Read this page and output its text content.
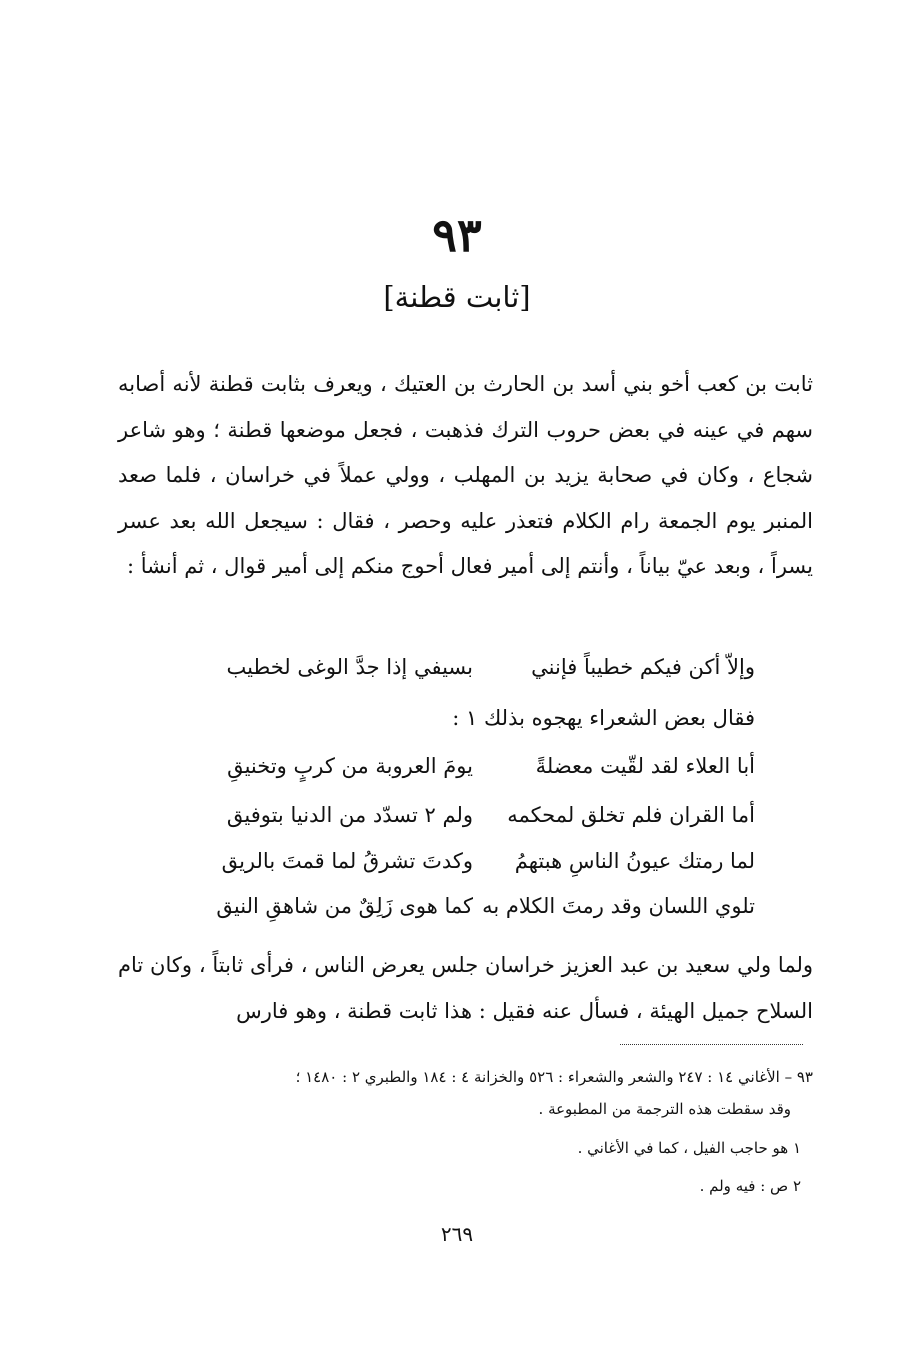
٩٣
[ثابت قطنة]

ثابت بن كعب أخو بني أسد بن الحارث بن العتيك ، ويعرف بثابت قطنة لأنه أصابه سهم في عينه في بعض حروب الترك فذهبت ، فجعل موضعها قطنة ؛ وهو شاعر شجاع ، وكان في صحابة يزيد بن المهلب ، وولي عملاً في خراسان ، فلما صعد المنبر يوم الجمعة رام الكلام فتعذر عليه وحصر ، فقال : سيجعل الله بعد عسر يسراً ، وبعد عيّ بياناً ، وأنتم إلى أمير فعال أحوج منكم إلى أمير قوال ، ثم أنشأ :

وإلاّ أكن فيكم خطيباً فإنني
بسيفي إذا جدَّ الوغى لخطيب

فقال بعض الشعراء يهجوه بذلك ١ :

أبا العلاء لقد لقّيت معضلةً
يومَ العروبة من كربٍ وتخنيقِ
أما القران فلم تخلق لمحكمه
ولم ٢ تسدّد من الدنيا بتوفيق
لما رمتك عيونُ الناسِ هبتهمُ
وكدتَ تشرقُ لما قمتَ بالريق
تلوي اللسان وقد رمتَ الكلام به
كما هوى زَلِقٌ من شاهقِ النيق

ولما ولي سعيد بن عبد العزيز خراسان جلس يعرض الناس ، فرأى ثابتاً ، وكان تام السلاح جميل الهيئة ، فسأل عنه فقيل : هذا ثابت قطنة ، وهو فارس

٩٣ – الأغاني ١٤ : ٢٤٧ والشعر والشعراء : ٥٢٦ والخزانة ٤ : ١٨٤ والطبري ٢ : ١٤٨٠ ؛

وقد سقطت هذه الترجمة من المطبوعة .

١ هو حاجب الفيل ، كما في الأغاني .

٢ ص : فيه ولم .

٢٦٩
